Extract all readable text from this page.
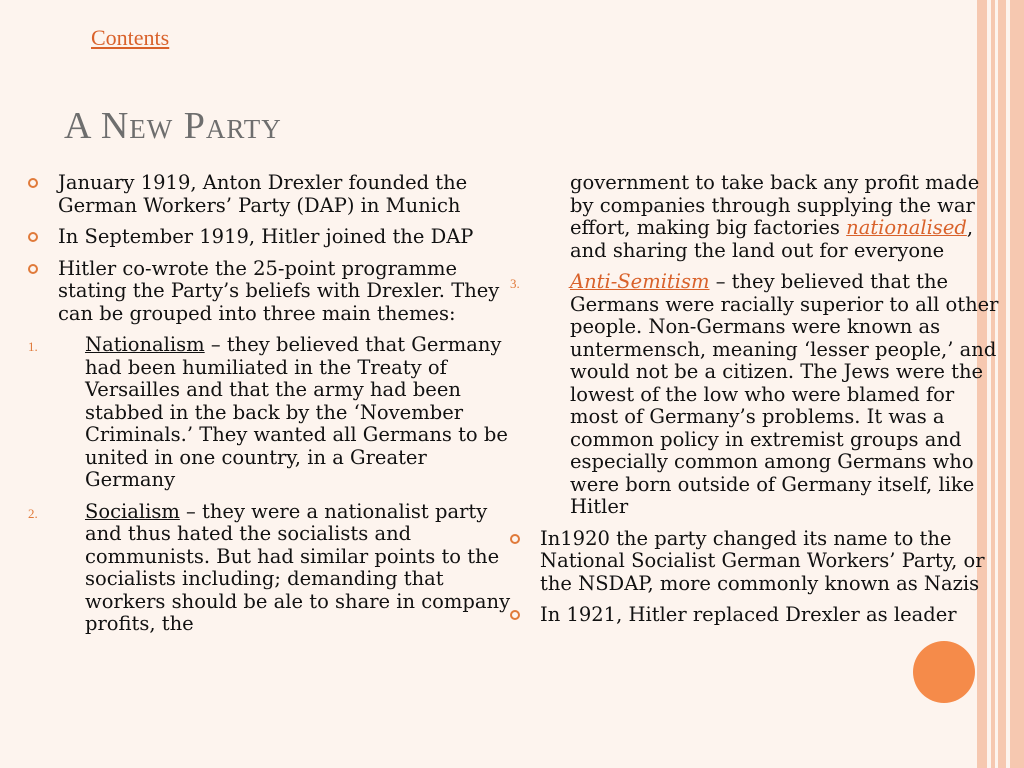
Contents
A New Party
January 1919, Anton Drexler founded the German Workers’ Party (DAP) in Munich
In September 1919, Hitler joined the DAP
Hitler co-wrote the 25-point programme stating the Party’s beliefs with Drexler. They can be grouped into three main themes:
1. Nationalism – they believed that Germany had been humiliated in the Treaty of Versailles and that the army had been stabbed in the back by the ‘November Criminals.’ They wanted all Germans to be united in one country, in a Greater Germany
2. Socialism – they were a nationalist party and thus hated the socialists and communists. But had similar points to the socialists including; demanding that workers should be ale to share in company profits, the
government to take back any profit made by companies through supplying the war effort, making big factories nationalised, and sharing the land out for everyone
3.	Anti-Semitism – they believed that the Germans were racially superior to all other people. Non-Germans were known as untermensch, meaning ‘lesser people,’ and would not be a citizen. The Jews were the lowest of the low who were blamed for most of Germany’s problems. It was a common policy in extremist groups and especially common among Germans who were born outside of Germany itself, like Hitler
In1920 the party changed its name to the National Socialist German Workers’ Party, or the NSDAP, more commonly known as Nazis
In 1921, Hitler replaced Drexler as leader
